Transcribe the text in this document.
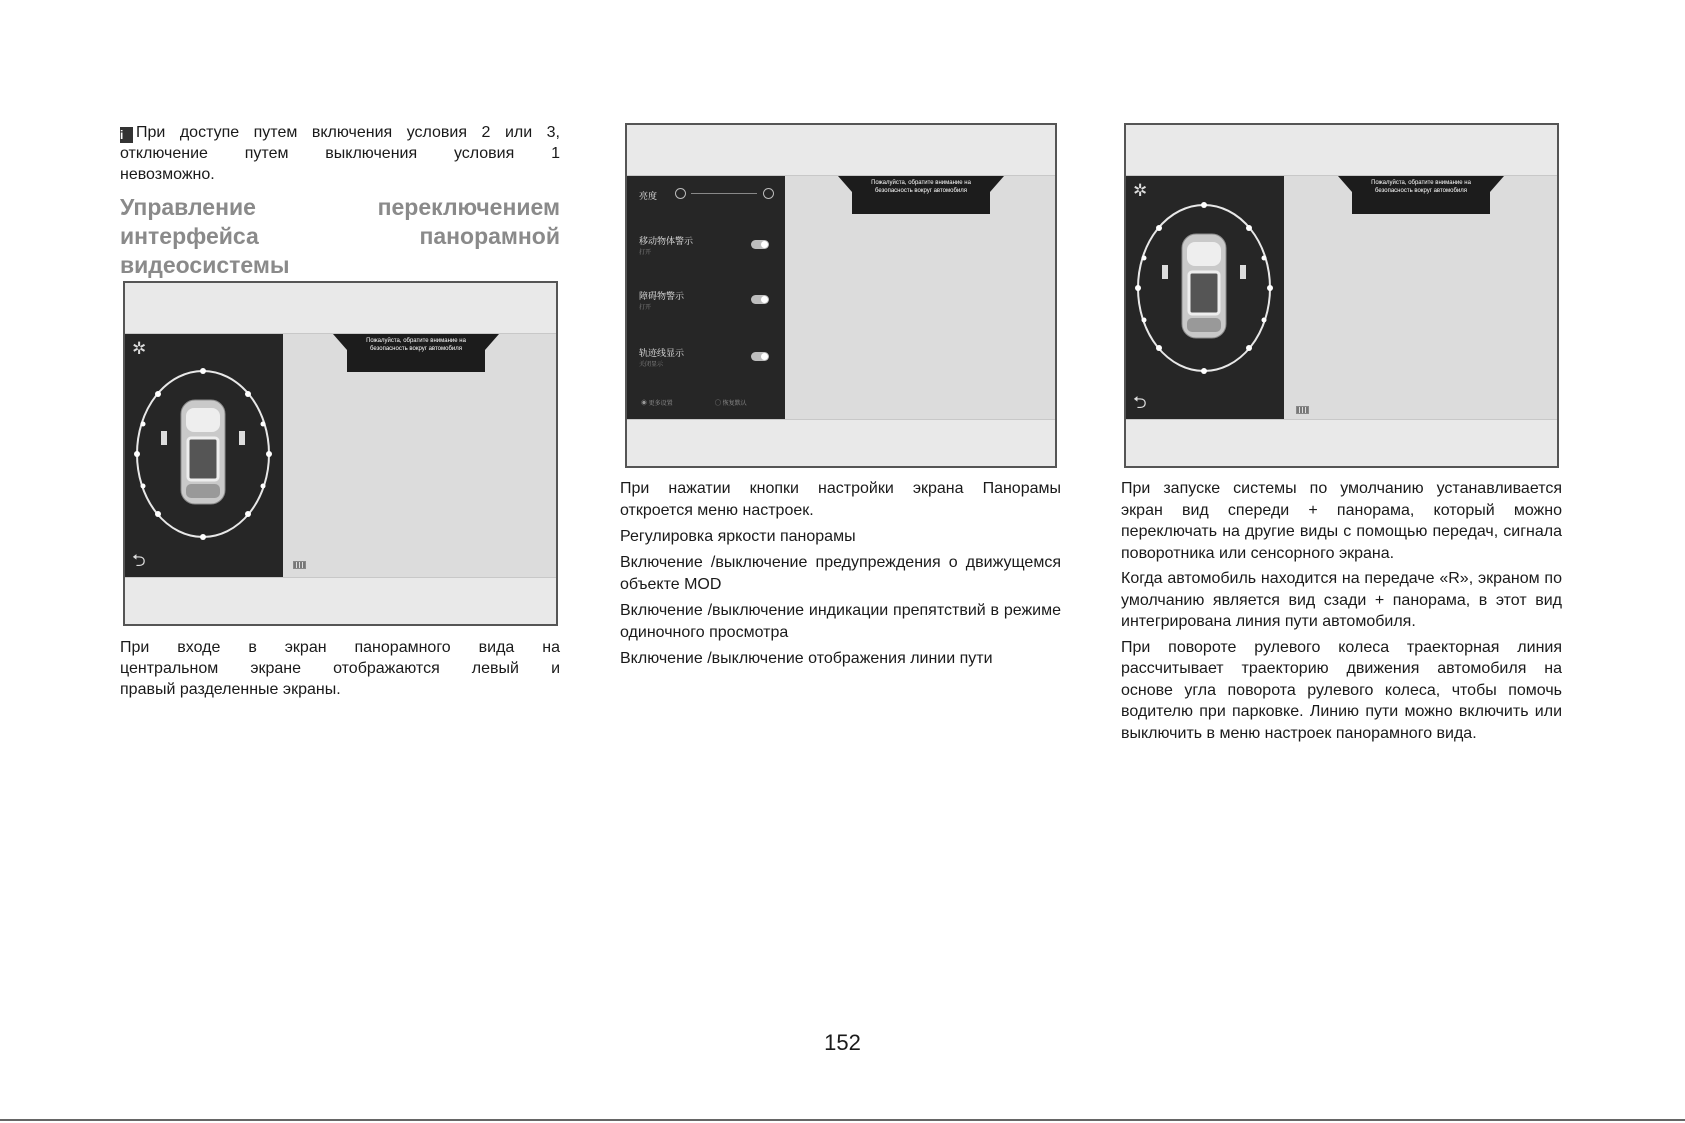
i При доступе путем включения условия 2 или 3,
отключение путем выключения условия 1
невозможно.
Управление	переключением
интерфейса	панорамной
видеосистемы
✲
⮌
Пожалуйста, обратите внимание на безопасность вокруг автомобиля
При входе в экран панорамного вида на
центральном экране отображаются левый и
правый разделенные экраны.
亮度
移动物体警示
打开
障碍物警示
打开
轨迹线显示
关闭显示
◉ 更多设置	◯ 恢复默认
Пожалуйста, обратите внимание на безопасность вокруг автомобиля

При нажатии кнопки настройки экрана Панорамы откроется меню настроек.

Регулировка яркости панорамы

Включение /выключение предупреждения о движущемся объекте MOD

Включение /выключение индикации препятствий в режиме одиночного просмотра

Включение /выключение отображения линии пути

✲
⮌
Пожалуйста, обратите внимание на безопасность вокруг автомобиля

При запуске системы по умолчанию устанавливается экран вид спереди + панорама, который можно переключать на другие виды с помощью передач, сигнала поворотника или сенсорного экрана.

Когда автомобиль находится на передаче «R», экраном по умолчанию является вид сзади + панорама, в этот вид интегрирована линия пути автомобиля.

При повороте рулевого колеса траекторная линия рассчитывает траекторию движения автомобиля на основе угла поворота рулевого колеса, чтобы помочь водителю при парковке. Линию пути можно включить или выключить в меню настроек панорамного вида.

152
